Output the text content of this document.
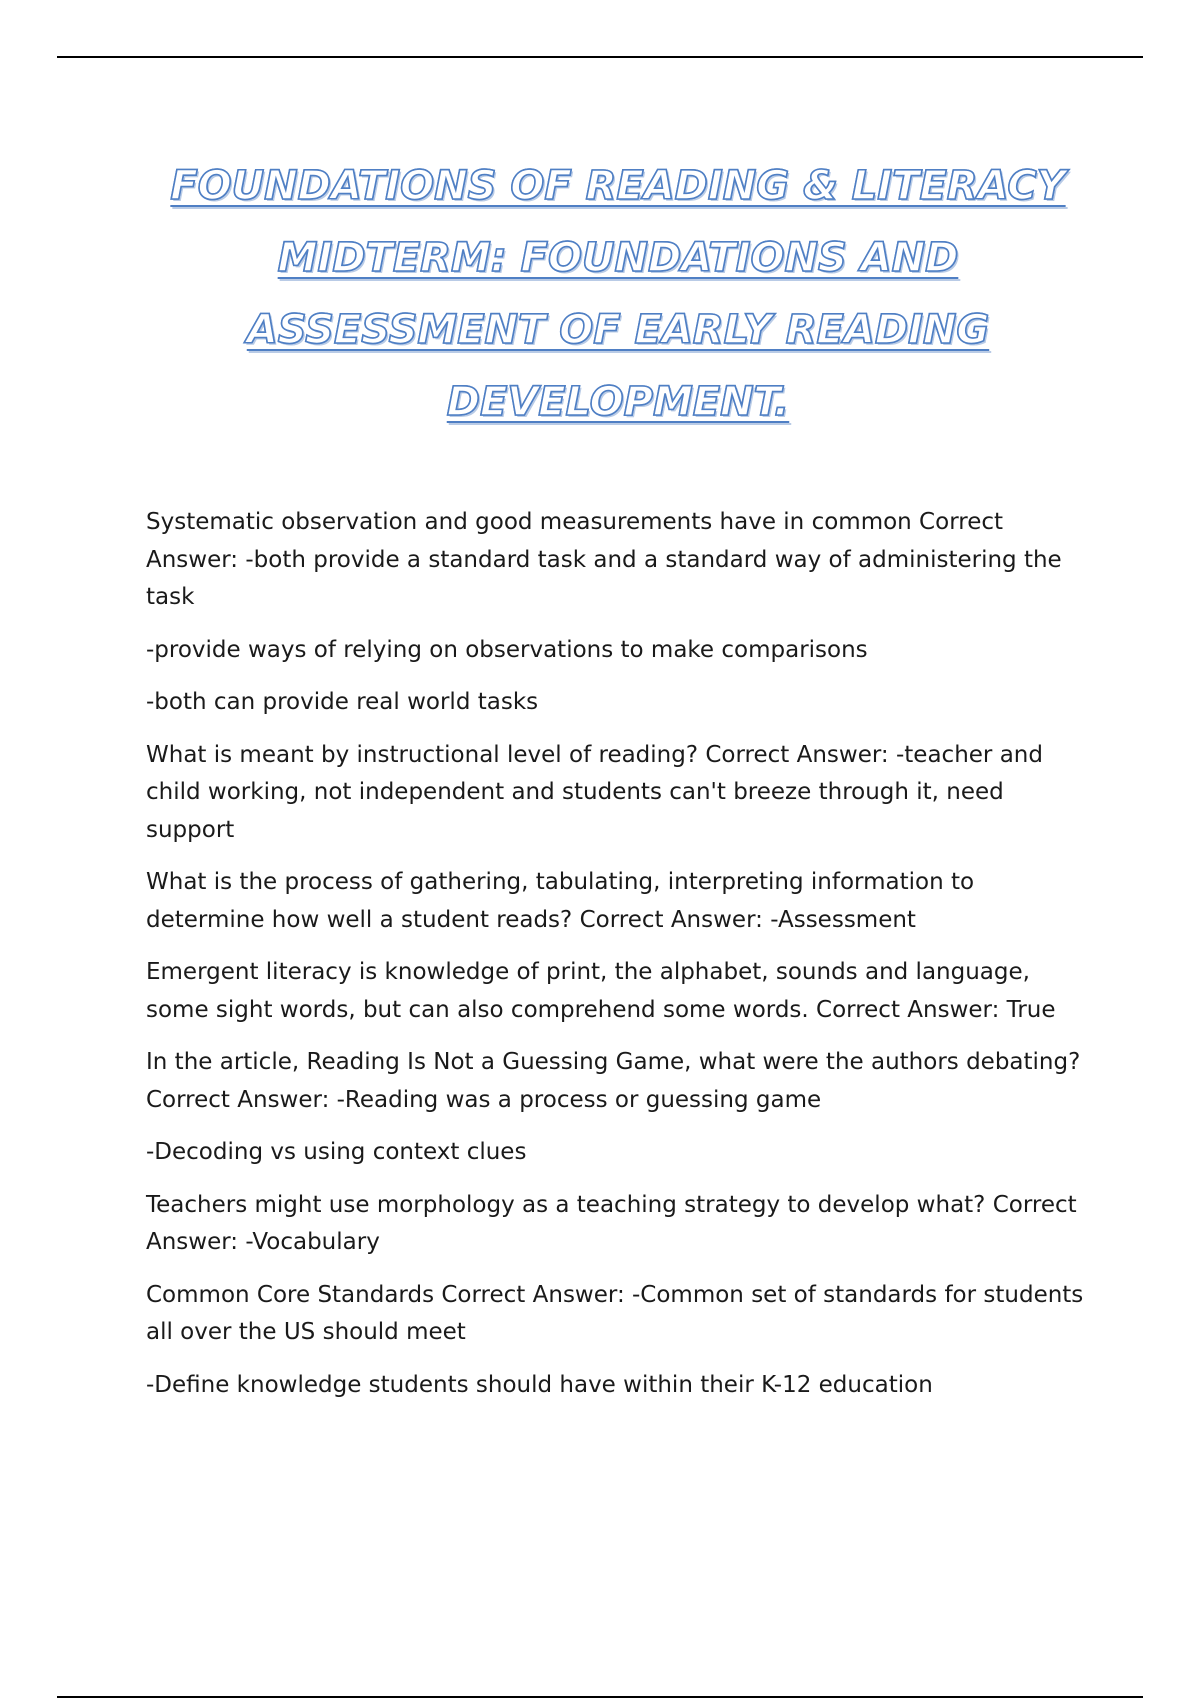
FOUNDATIONS OF READING & LITERACY
MIDTERM: FOUNDATIONS AND
ASSESSMENT OF EARLY READING
DEVELOPMENT.

Systematic observation and good measurements have in common Correct Answer: -both provide a standard task and a standard way of administering the task

-provide ways of relying on observations to make comparisons

-both can provide real world tasks

What is meant by instructional level of reading? Correct Answer: -teacher and child working, not independent and students can't breeze through it, need support

What is the process of gathering, tabulating, interpreting information to determine how well a student reads? Correct Answer: -Assessment

Emergent literacy is knowledge of print, the alphabet, sounds and language, some sight words, but can also comprehend some words. Correct Answer: True

In the article, Reading Is Not a Guessing Game, what were the authors debating? Correct Answer: -Reading was a process or guessing game

-Decoding vs using context clues

Teachers might use morphology as a teaching strategy to develop what? Correct Answer: -Vocabulary

Common Core Standards Correct Answer: -Common set of standards for students all over the US should meet

-Define knowledge students should have within their K-12 education
